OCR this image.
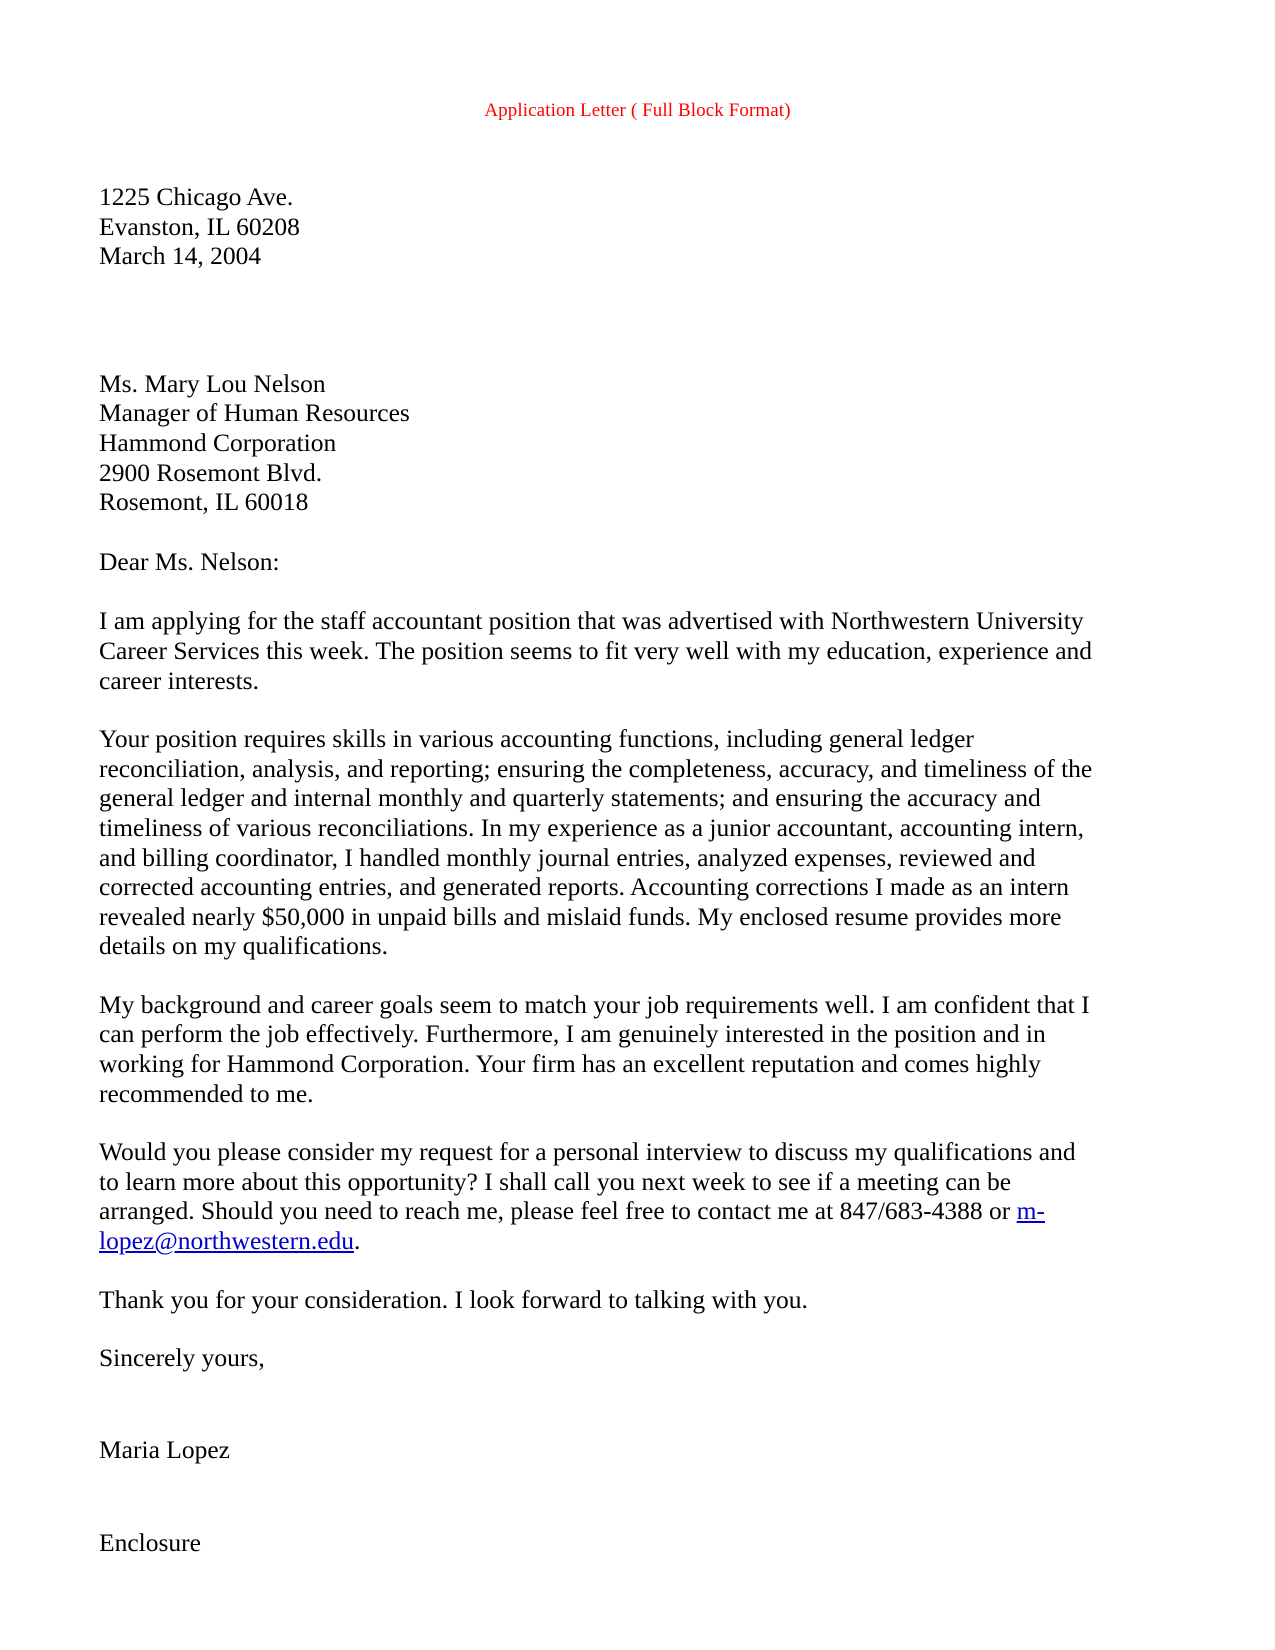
Application Letter ( Full Block Format)
1225 Chicago Ave.
Evanston, IL 60208
March 14, 2004
Ms. Mary Lou Nelson
Manager of Human Resources
Hammond Corporation
2900 Rosemont Blvd.
Rosemont, IL 60018

Dear Ms. Nelson:

I am applying for the staff accountant position that was advertised with Northwestern University Career Services this week. The position seems to fit very well with my education, experience and career interests.

Your position requires skills in various accounting functions, including general ledger reconciliation, analysis, and reporting; ensuring the completeness, accuracy, and timeliness of the general ledger and internal monthly and quarterly statements; and ensuring the accuracy and timeliness of various reconciliations. In my experience as a junior accountant, accounting intern, and billing coordinator, I handled monthly journal entries, analyzed expenses, reviewed and corrected accounting entries, and generated reports. Accounting corrections I made as an intern revealed nearly $50,000 in unpaid bills and mislaid funds. My enclosed resume provides more details on my qualifications.

My background and career goals seem to match your job requirements well. I am confident that I can perform the job effectively. Furthermore, I am genuinely interested in the position and in working for Hammond Corporation. Your firm has an excellent reputation and comes highly recommended to me.

Would you please consider my request for a personal interview to discuss my qualifications and to learn more about this opportunity? I shall call you next week to see if a meeting can be arranged. Should you need to reach me, please feel free to contact me at 847/683-4388 or m-lopez@northwestern.edu.

Thank you for your consideration. I look forward to talking with you.

Sincerely yours,

Maria Lopez

Enclosure
